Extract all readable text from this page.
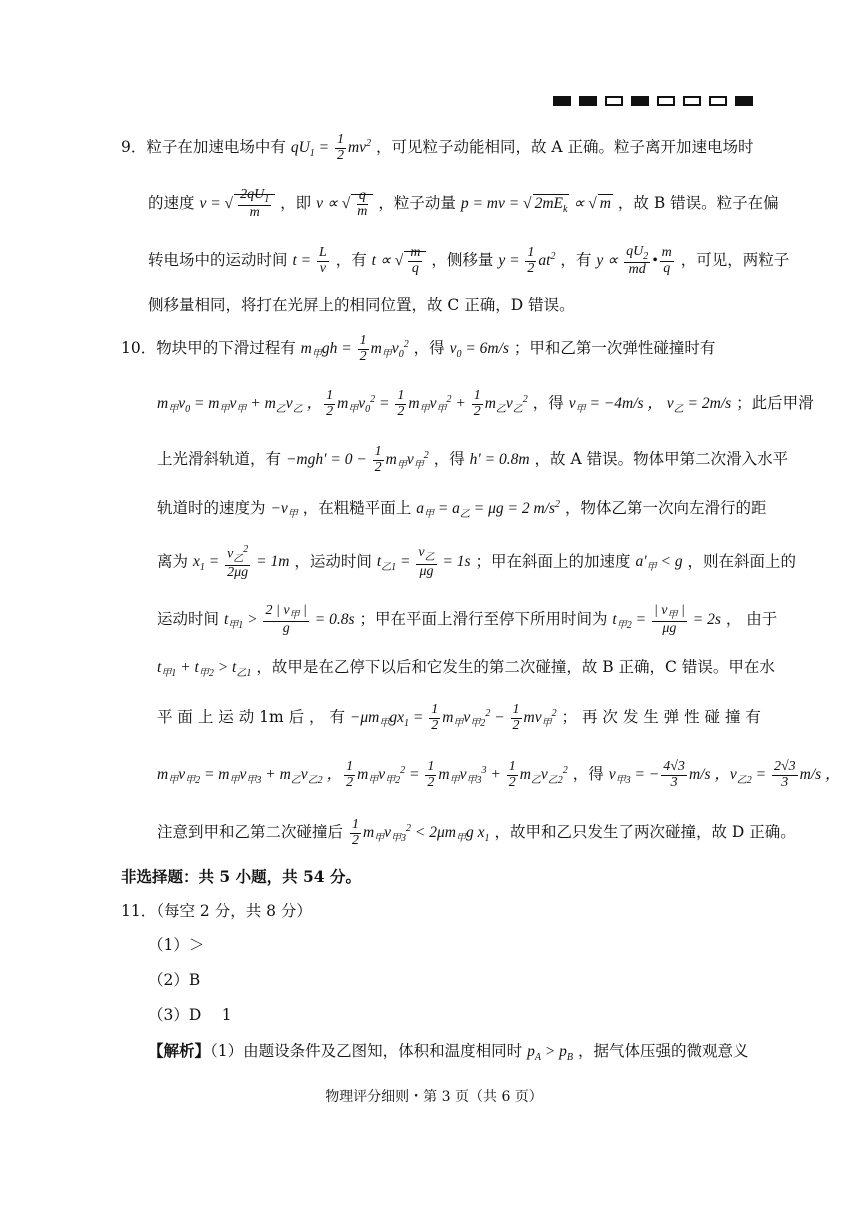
9．粒子在加速电场中有 $qU_1 = \frac{1}{2} mv^2$ ，可见粒子动能相同，故 A 正确。粒子离开加速电场时
的速度 v = √ $\frac{2qU_1}{m}$ ，即 v ∝ √ $\frac{q}{m}$ ，粒子动量 p = mv = √ $2mE_k$ ∝ √ m ，故 B 错误。粒子在偏
转电场中的运动时间 $t = \frac{L}{v}$ ，有 t ∝ √ $\frac{m}{q}$ ，侧移量 $y = \frac{1}{2} at^2$ ，有 $y \propto \frac{qU_2}{md}$ • $\frac{m}{q}$ ，可见，两粒子
侧移量相同，将打在光屏上的相同位置，故 C 正确，D 错误。
10．物块甲的下滑过程有 $m_甲gh = \frac{1}{2} m_甲v_0^2$ ，得 $v_0 = 6m/s$ ；甲和乙第一次弹性碰撞时有
$m_甲v_0 = m_甲v_甲 + m_乙v_乙$ ， $\frac{1}{2} m_甲v_0^2 = \frac{1}{2} m_甲v_甲^2 + \frac{1}{2} m_乙v_乙^2$ ，得 $v_甲 = -4m/s$ ， $v_乙 = 2m/s$ ；此后甲滑
上光滑斜轨道，有 $-mgh' = 0 - \frac{1}{2} m_甲v_甲^2$ ，得 h′ = 0.8m ，故 A 错误。物体甲第二次滑入水平
轨道时的速度为 $-v_甲$ ，在粗糙平面上 $a_甲 = a_乙 = \mu g = 2$ $m/s^2$ ，物体乙第一次向左滑行的距
离为 $x_1 = \frac{v_乙^2}{2\mu g} = 1m$ ，运动时间 $t_{乙1} = \frac{v_乙}{\mu g} = 1s$ ；甲在斜面上的加速度 $a'_甲 < g$ ，则在斜面上的
运动时间 $t_{甲1} > \frac{2 | v_甲 |}{g} = 0.8s$ ；甲在平面上滑行至停下所用时间为 $t_{甲2} = \frac{| v_甲 |}{\mu g} = 2s$ ， 由于
$t_{甲1} + t_{甲2} > t_{乙1}$ ，故甲是在乙停下以后和它发生的第二次碰撞，故 B 正确，C 错误。甲在水
平 面 上 运 动 1m 后 ， 有 $-\mu m_甲gx_1 = \frac{1}{2} m_甲v_{甲2}^2 - \frac{1}{2} mv_甲^2$ ； 再 次 发 生 弹 性 碰 撞 有
$m_甲v_{甲2} = m_甲v_{甲3} + m_乙v_{乙2}$ ， $\frac{1}{2} m_甲v_{甲2}^2 = \frac{1}{2} m_甲v_{甲3}^3 + \frac{1}{2} m_乙v_{乙2}^2$ ，得 $v_{甲3}$ = − $\frac{4√3}{3} m/s$ ，$v_{乙2} = \frac{2√3}{3} m/s$ ，
注意到甲和乙第二次碰撞后 $\frac{1}{2} m_甲v_{甲3}^2 < 2\mu m_甲g$ $x_1$ ，故甲和乙只发生了两次碰撞，故 D 正确。
非选择题：共 5 小题，共 54 分。
11．（每空 2 分，共 8 分）
（1）＞
（2）B
（3）D　 1
【解析】（1）由题设条件及乙图知，体积和温度相同时 $p_A > p_B$ ，据气体压强的微观意义
物理评分细则・第 3 页（共 6 页）
